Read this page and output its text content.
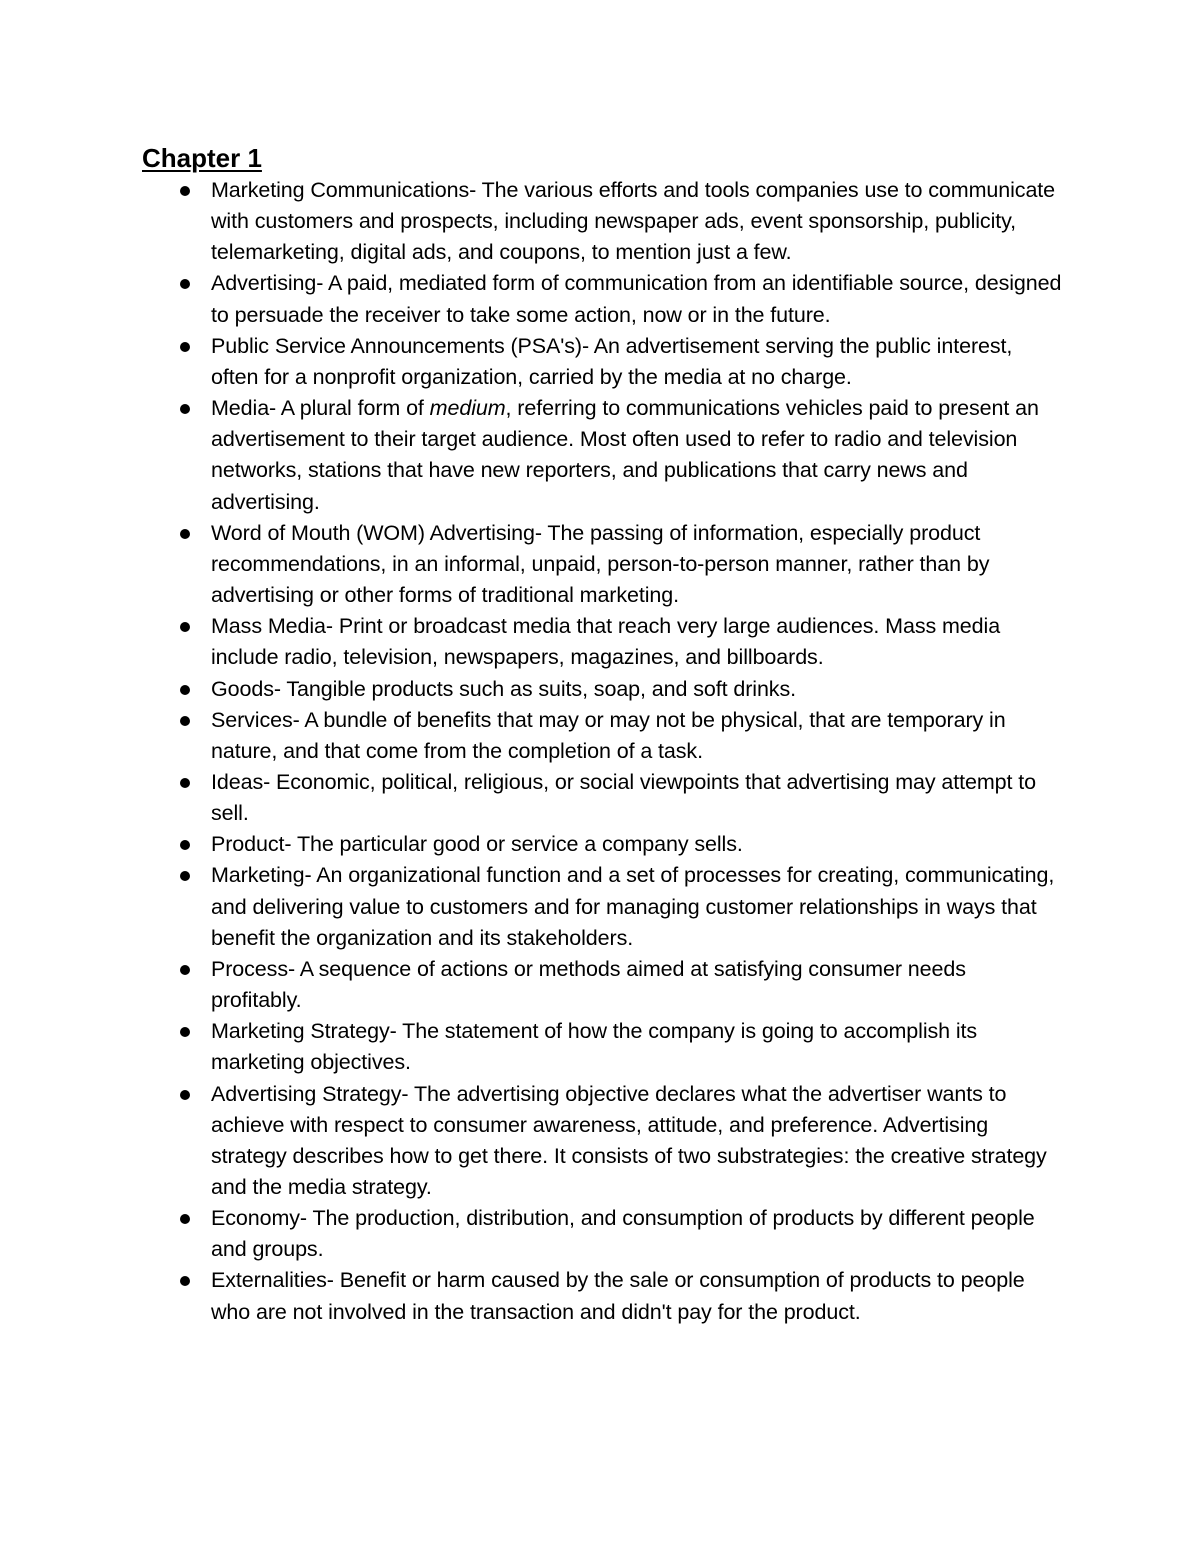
Chapter 1
Marketing Communications- The various efforts and tools companies use to communicate with customers and prospects, including newspaper ads, event sponsorship, publicity, telemarketing, digital ads, and coupons, to mention just a few.
Advertising- A paid, mediated form of communication from an identifiable source, designed to persuade the receiver to take some action, now or in the future.
Public Service Announcements (PSA's)- An advertisement serving the public interest, often for a nonprofit organization, carried by the media at no charge.
Media- A plural form of medium, referring to communications vehicles paid to present an advertisement to their target audience. Most often used to refer to radio and television networks, stations that have new reporters, and publications that carry news and advertising.
Word of Mouth (WOM) Advertising- The passing of information, especially product recommendations, in an informal, unpaid, person-to-person manner, rather than by advertising or other forms of traditional marketing.
Mass Media- Print or broadcast media that reach very large audiences. Mass media include radio, television, newspapers, magazines, and billboards.
Goods- Tangible products such as suits, soap, and soft drinks.
Services- A bundle of benefits that may or may not be physical, that are temporary in nature, and that come from the completion of a task.
Ideas- Economic, political, religious, or social viewpoints that advertising may attempt to sell.
Product- The particular good or service a company sells.
Marketing- An organizational function and a set of processes for creating, communicating, and delivering value to customers and for managing customer relationships in ways that benefit the organization and its stakeholders.
Process- A sequence of actions or methods aimed at satisfying consumer needs profitably.
Marketing Strategy- The statement of how the company is going to accomplish its marketing objectives.
Advertising Strategy- The advertising objective declares what the advertiser wants to achieve with respect to consumer awareness, attitude, and preference. Advertising strategy describes how to get there. It consists of two substrategies: the creative strategy and the media strategy.
Economy- The production, distribution, and consumption of products by different people and groups.
Externalities- Benefit or harm caused by the sale or consumption of products to people who are not involved in the transaction and didn't pay for the product.
